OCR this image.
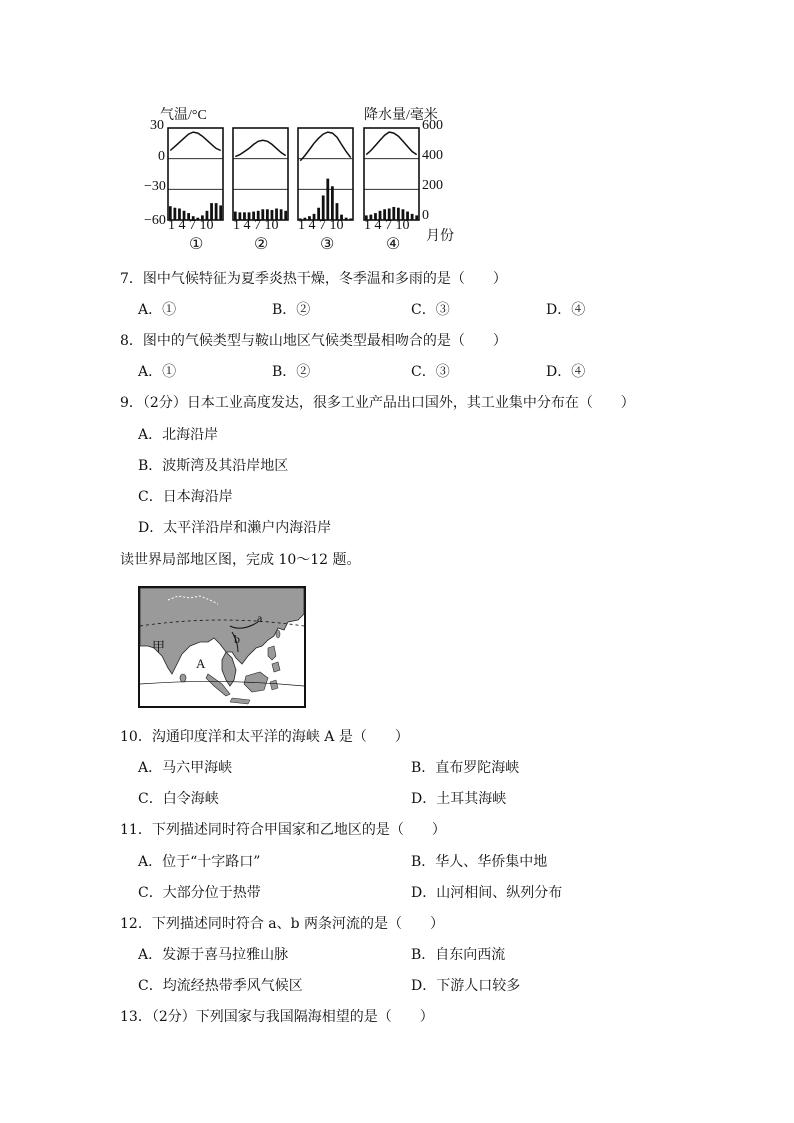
气温/°C	降水量/毫米
30
0
−30
−60
600
400
200
0
1 4 7 10 1 4 7 10 1 4 7 10 1 4 7 10
月份
①	②	③	④
7．图中气候特征为夏季炎热干燥，冬季温和多雨的是（　　）
A．①	B．②	C．③	D．④
8．图中的气候类型与鞍山地区气候类型最相吻合的是（　　）
A．①	B．②	C．③	D．④
9．（2分）日本工业高度发达，很多工业产品出口国外，其工业集中分布在（　　）
A．北海沿岸
B．波斯湾及其沿岸地区
C．日本海沿岸
D．太平洋沿岸和濑户内海沿岸
读世界局部地区图，完成 10～12 题。
甲
A
a
b
10．沟通印度洋和太平洋的海峡 A 是（　　）
A．马六甲海峡	B．直布罗陀海峡
C．白令海峡	D．土耳其海峡
11．下列描述同时符合甲国家和乙地区的是（　　）
A．位于“十字路口”	B．华人、华侨集中地
C．大部分位于热带	D．山河相间、纵列分布
12．下列描述同时符合 a、b 两条河流的是（　　）
A．发源于喜马拉雅山脉	B．自东向西流
C．均流经热带季风气候区	D．下游人口较多
13．（2分）下列国家与我国隔海相望的是（　　）
